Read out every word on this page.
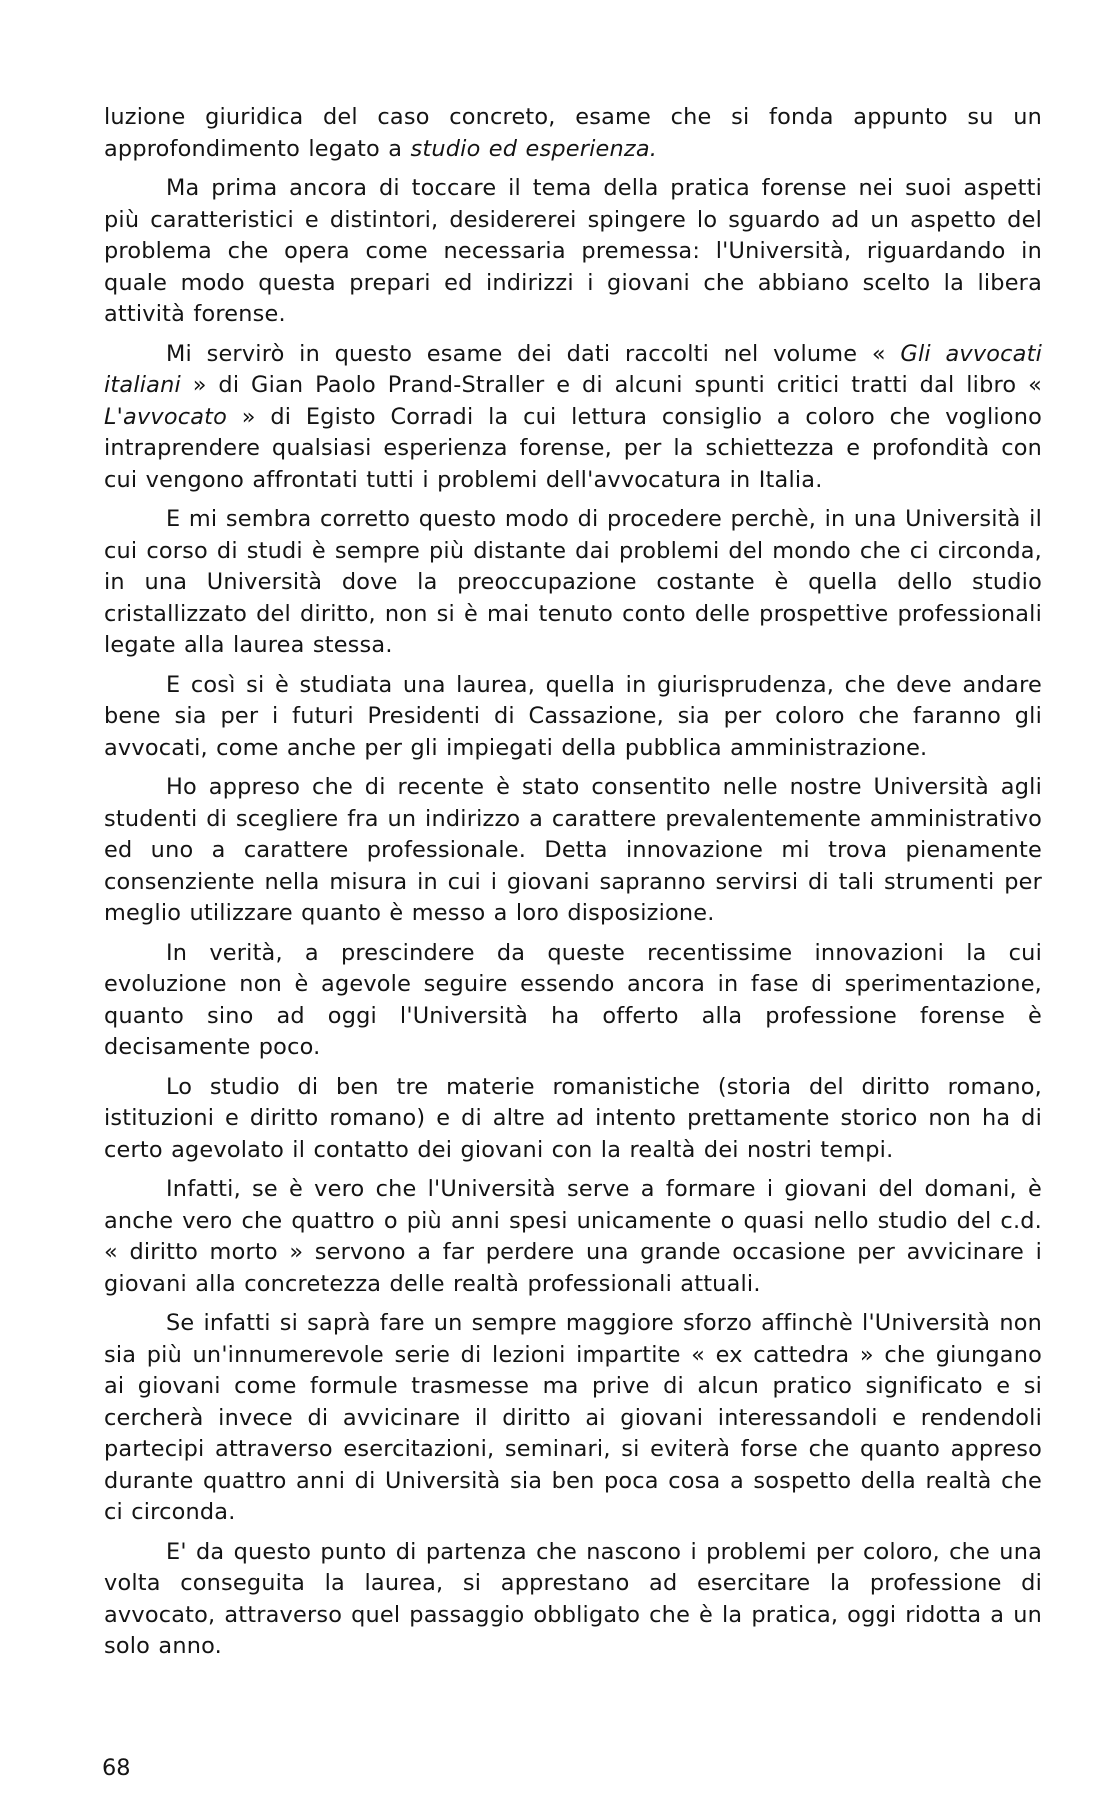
luzione giuridica del caso concreto, esame che si fonda appunto su un approfondimento legato a studio ed esperienza.

Ma prima ancora di toccare il tema della pratica forense nei suoi aspetti più caratteristici e distintori, desidererei spingere lo sguardo ad un aspetto del problema che opera come necessaria premessa: l'Università, riguardando in quale modo questa prepari ed indirizzi i giovani che abbiano scelto la libera attività forense.

Mi servirò in questo esame dei dati raccolti nel volume « Gli avvocati italiani » di Gian Paolo Prand-Straller e di alcuni spunti critici tratti dal libro « L'avvocato » di Egisto Corradi la cui lettura consiglio a coloro che vogliono intraprendere qualsiasi esperienza forense, per la schiettezza e profondità con cui vengono affrontati tutti i problemi dell'avvocatura in Italia.

E mi sembra corretto questo modo di procedere perchè, in una Università il cui corso di studi è sempre più distante dai problemi del mondo che ci circonda, in una Università dove la preoccupazione costante è quella dello studio cristallizzato del diritto, non si è mai tenuto conto delle prospettive professionali legate alla laurea stessa.

E così si è studiata una laurea, quella in giurisprudenza, che deve andare bene sia per i futuri Presidenti di Cassazione, sia per coloro che faranno gli avvocati, come anche per gli impiegati della pubblica amministrazione.

Ho appreso che di recente è stato consentito nelle nostre Università agli studenti di scegliere fra un indirizzo a carattere prevalentemente amministrativo ed uno a carattere professionale. Detta innovazione mi trova pienamente consenziente nella misura in cui i giovani sapranno servirsi di tali strumenti per meglio utilizzare quanto è messo a loro disposizione.

In verità, a prescindere da queste recentissime innovazioni la cui evoluzione non è agevole seguire essendo ancora in fase di sperimentazione, quanto sino ad oggi l'Università ha offerto alla professione forense è decisamente poco.

Lo studio di ben tre materie romanistiche (storia del diritto romano, istituzioni e diritto romano) e di altre ad intento prettamente storico non ha di certo agevolato il contatto dei giovani con la realtà dei nostri tempi.

Infatti, se è vero che l'Università serve a formare i giovani del domani, è anche vero che quattro o più anni spesi unicamente o quasi nello studio del c.d. « diritto morto » servono a far perdere una grande occasione per avvicinare i giovani alla concretezza delle realtà professionali attuali.

Se infatti si saprà fare un sempre maggiore sforzo affinchè l'Università non sia più un'innumerevole serie di lezioni impartite « ex cattedra » che giungano ai giovani come formule trasmesse ma prive di alcun pratico significato e si cercherà invece di avvicinare il diritto ai giovani interessandoli e rendendoli partecipi attraverso esercitazioni, seminari, si eviterà forse che quanto appreso durante quattro anni di Università sia ben poca cosa a sospetto della realtà che ci circonda.

E' da questo punto di partenza che nascono i problemi per coloro, che una volta conseguita la laurea, si apprestano ad esercitare la professione di avvocato, attraverso quel passaggio obbligato che è la pratica, oggi ridotta a un solo anno.

68
